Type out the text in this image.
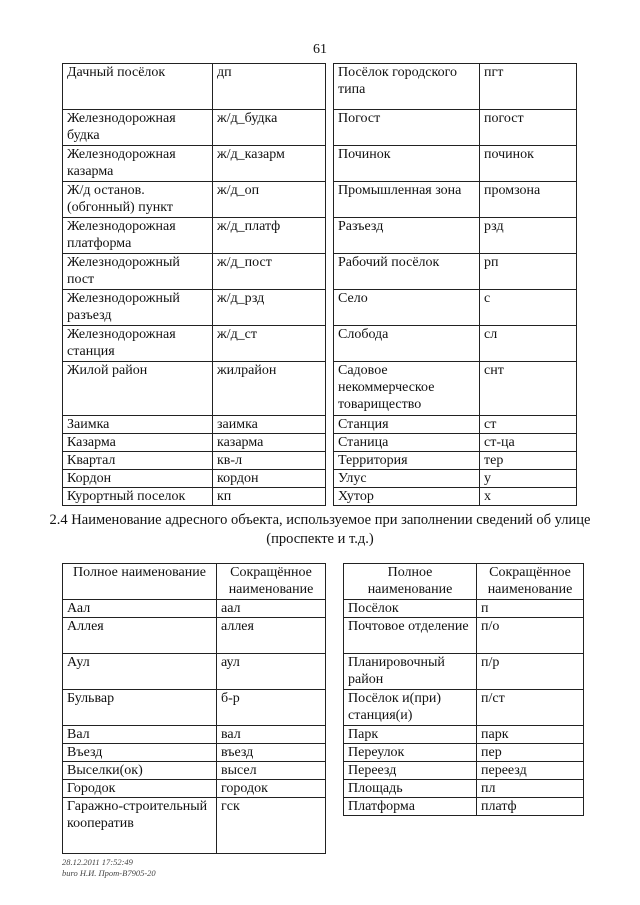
61
Дачный посёлок	дп
Железнодорожная будка	ж/д_будка
Железнодорожная казарма	ж/д_казарм
Ж/д останов. (обгонный) пункт	ж/д_оп
Железнодорожная платформа	ж/д_платф
Железнодорожный пост	ж/д_пост
Железнодорожный разъезд	ж/д_рзд
Железнодорожная станция	ж/д_ст
Жилой район	жилрайон
Заимка	заимка
Казарма	казарма
Квартал	кв-л
Кордон	кордон
Курортный поселок	кп
Посёлок городского типа	пгт
Погост	погост
Починок	починок
Промышленная зона	промзона
Разъезд	рзд
Рабочий посёлок	рп
Село	с
Слобода	сл
Садовое некоммерческое товарищество	снт
Станция	ст
Станица	ст-ца
Территория	тер
Улус	у
Хутор	х
2.4 Наименование адресного объекта, используемое при заполнении сведений об улице (проспекте и т.д.)
Полное наименование	Сокращённое наименование
Аал	аал
Аллея	аллея
Аул	аул
Бульвар	б-р
Вал	вал
Въезд	въезд
Выселки(ок)	высел
Городок	городок
Гаражно-строительный кооператив	гск
Полное наименование	Сокращённое наименование
Посёлок	п
Почтовое отделение	п/о
Планировочный район	п/р
Посёлок и(при) станция(и)	п/ст
Парк	парк
Переулок	пер
Переезд	переезд
Площадь	пл
Платформа	платф
28.12.2011 17:52:49
buro Н.И. Прот-В7905-20
